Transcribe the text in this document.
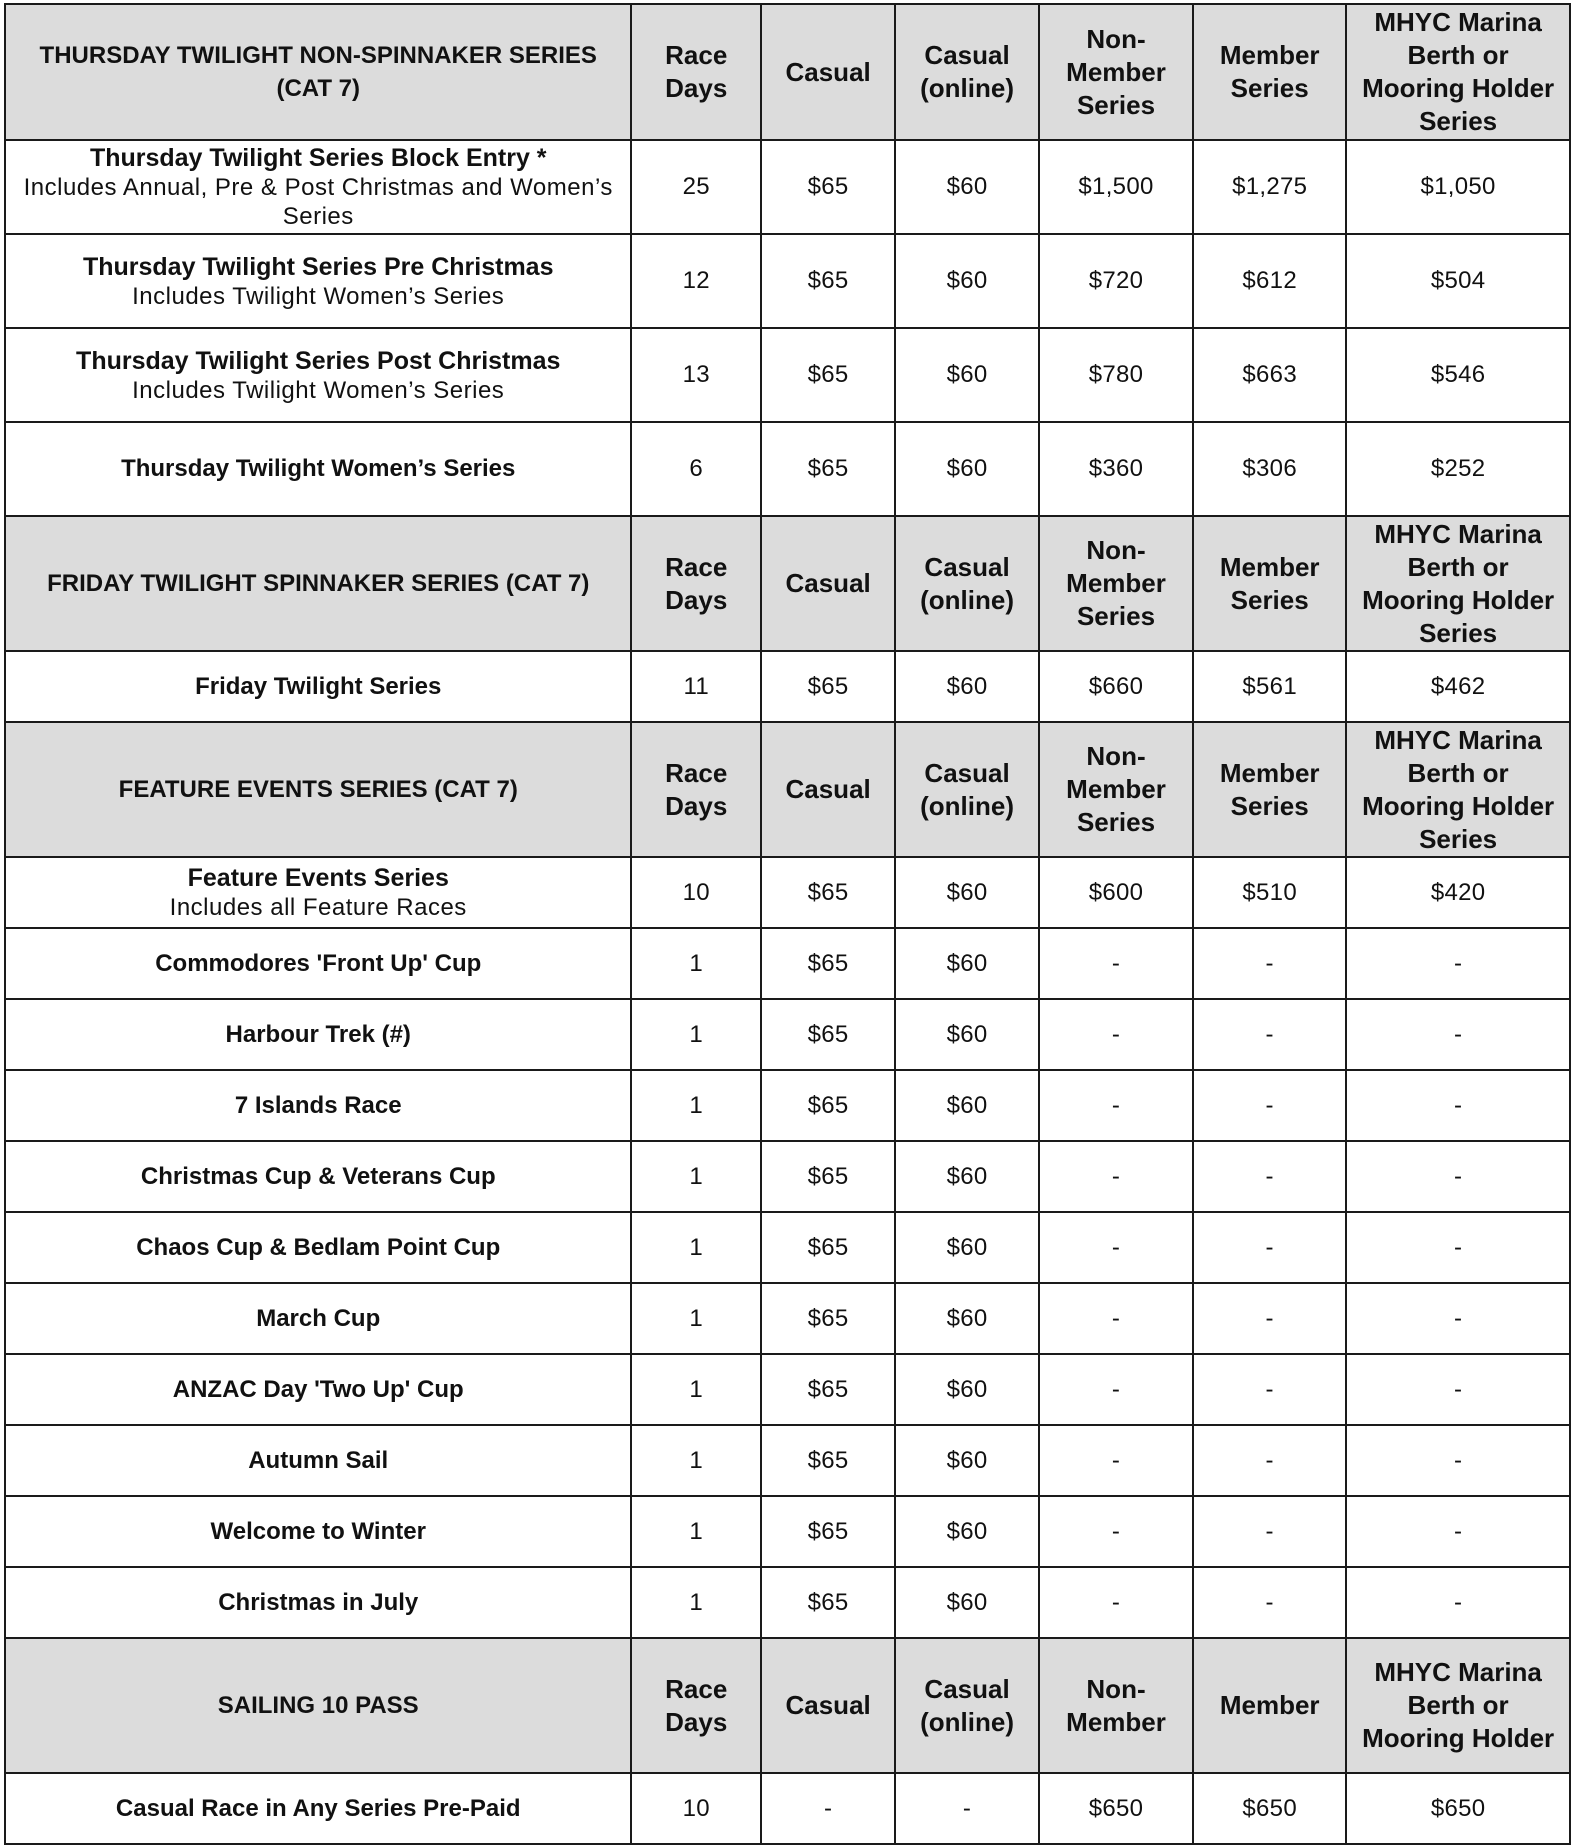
THURSDAY TWILIGHT NON-SPINNAKER SERIES (CAT 7)	Race Days	Casual	Casual (online)	Non-Member Series	Member Series	MHYC Marina Berth or Mooring Holder Series

Thursday Twilight Series Block Entry *
Includes Annual, Pre & Post Christmas and Women’s Series	25	$65	$60	$1,500	$1,275	$1,050

Thursday Twilight Series Pre Christmas
Includes Twilight Women’s Series	12	$65	$60	$720	$612	$504

Thursday Twilight Series Post Christmas
Includes Twilight Women’s Series	13	$65	$60	$780	$663	$546
Thursday Twilight Women’s Series	6	$65	$60	$360	$306	$252
FRIDAY TWILIGHT SPINNAKER SERIES (CAT 7)	Race Days	Casual	Casual (online)	Non-Member Series	Member Series	MHYC Marina Berth or Mooring Holder Series
Friday Twilight Series	11	$65	$60	$660	$561	$462
FEATURE EVENTS SERIES (CAT 7)	Race Days	Casual	Casual (online)	Non-Member Series	Member Series	MHYC Marina Berth or Mooring Holder Series

Feature Events Series
Includes all Feature Races	10	$65	$60	$600	$510	$420
Commodores 'Front Up' Cup	1	$65	$60	-	-	-
Harbour Trek (#)	1	$65	$60	-	-	-
7 Islands Race	1	$65	$60	-	-	-
Christmas Cup & Veterans Cup	1	$65	$60	-	-	-
Chaos Cup & Bedlam Point Cup	1	$65	$60	-	-	-
March Cup	1	$65	$60	-	-	-
ANZAC Day 'Two Up' Cup	1	$65	$60	-	-	-
Autumn Sail	1	$65	$60	-	-	-
Welcome to Winter	1	$65	$60	-	-	-
Christmas in July	1	$65	$60	-	-	-
SAILING 10 PASS	Race Days	Casual	Casual (online)	Non-Member	Member	MHYC Marina Berth or Mooring Holder
Casual Race in Any Series Pre-Paid	10	-	-	$650	$650	$650
